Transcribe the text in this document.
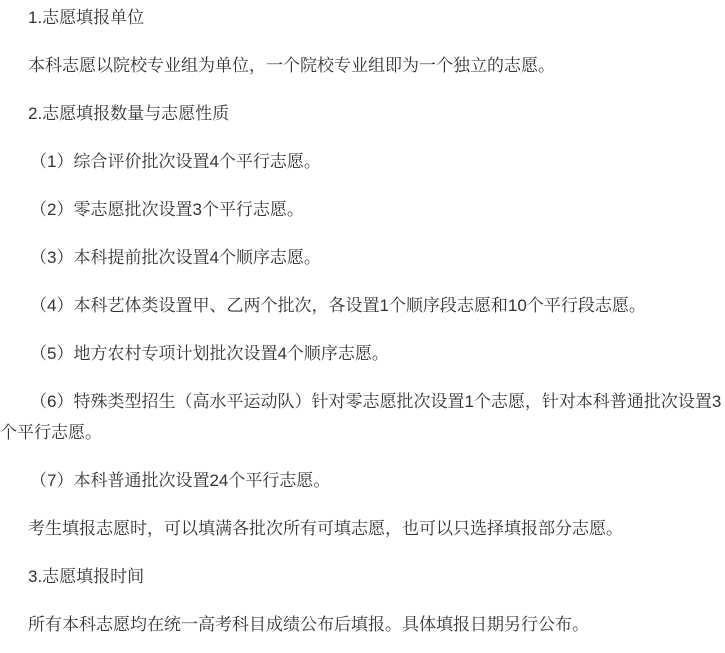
1.志愿填报单位

本科志愿以院校专业组为单位，一个院校专业组即为一个独立的志愿。

2.志愿填报数量与志愿性质

（1）综合评价批次设置4个平行志愿。

（2）零志愿批次设置3个平行志愿。

（3）本科提前批次设置4个顺序志愿。

（4）本科艺体类设置甲、乙两个批次，各设置1个顺序段志愿和10个平行段志愿。

（5）地方农村专项计划批次设置4个顺序志愿。

（6）特殊类型招生（高水平运动队）针对零志愿批次设置1个志愿，针对本科普通批次设置3个平行志愿。

（7）本科普通批次设置24个平行志愿。

考生填报志愿时，可以填满各批次所有可填志愿，也可以只选择填报部分志愿。

3.志愿填报时间

所有本科志愿均在统一高考科目成绩公布后填报。具体填报日期另行公布。
